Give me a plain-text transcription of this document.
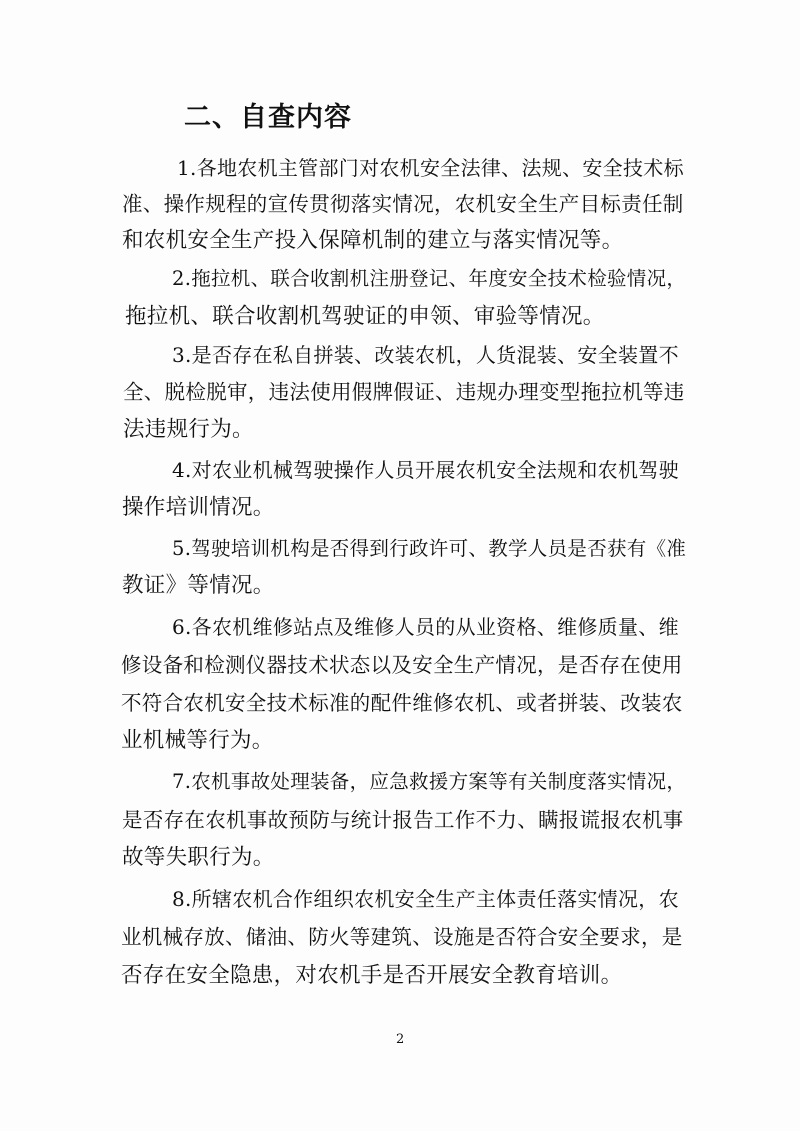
二、自查内容
1.各地农机主管部门对农机安全法律、法规、安全技术标
准、操作规程的宣传贯彻落实情况，农机安全生产目标责任制
和农机安全生产投入保障机制的建立与落实情况等。
2.拖拉机、联合收割机注册登记、年度安全技术检验情况，
拖拉机、联合收割机驾驶证的申领、审验等情况。
3.是否存在私自拼装、改装农机，人货混装、安全装置不
全、脱检脱审，违法使用假牌假证、违规办理变型拖拉机等违
法违规行为。
4.对农业机械驾驶操作人员开展农机安全法规和农机驾驶
操作培训情况。
5.驾驶培训机构是否得到行政许可、教学人员是否获有《准
教证》等情况。
6.各农机维修站点及维修人员的从业资格、维修质量、维
修设备和检测仪器技术状态以及安全生产情况，是否存在使用
不符合农机安全技术标准的配件维修农机、或者拼装、改装农
业机械等行为。
7.农机事故处理装备，应急救援方案等有关制度落实情况，
是否存在农机事故预防与统计报告工作不力、瞒报谎报农机事
故等失职行为。
8.所辖农机合作组织农机安全生产主体责任落实情况，农
业机械存放、储油、防火等建筑、设施是否符合安全要求，是
否存在安全隐患，对农机手是否开展安全教育培训。
2
